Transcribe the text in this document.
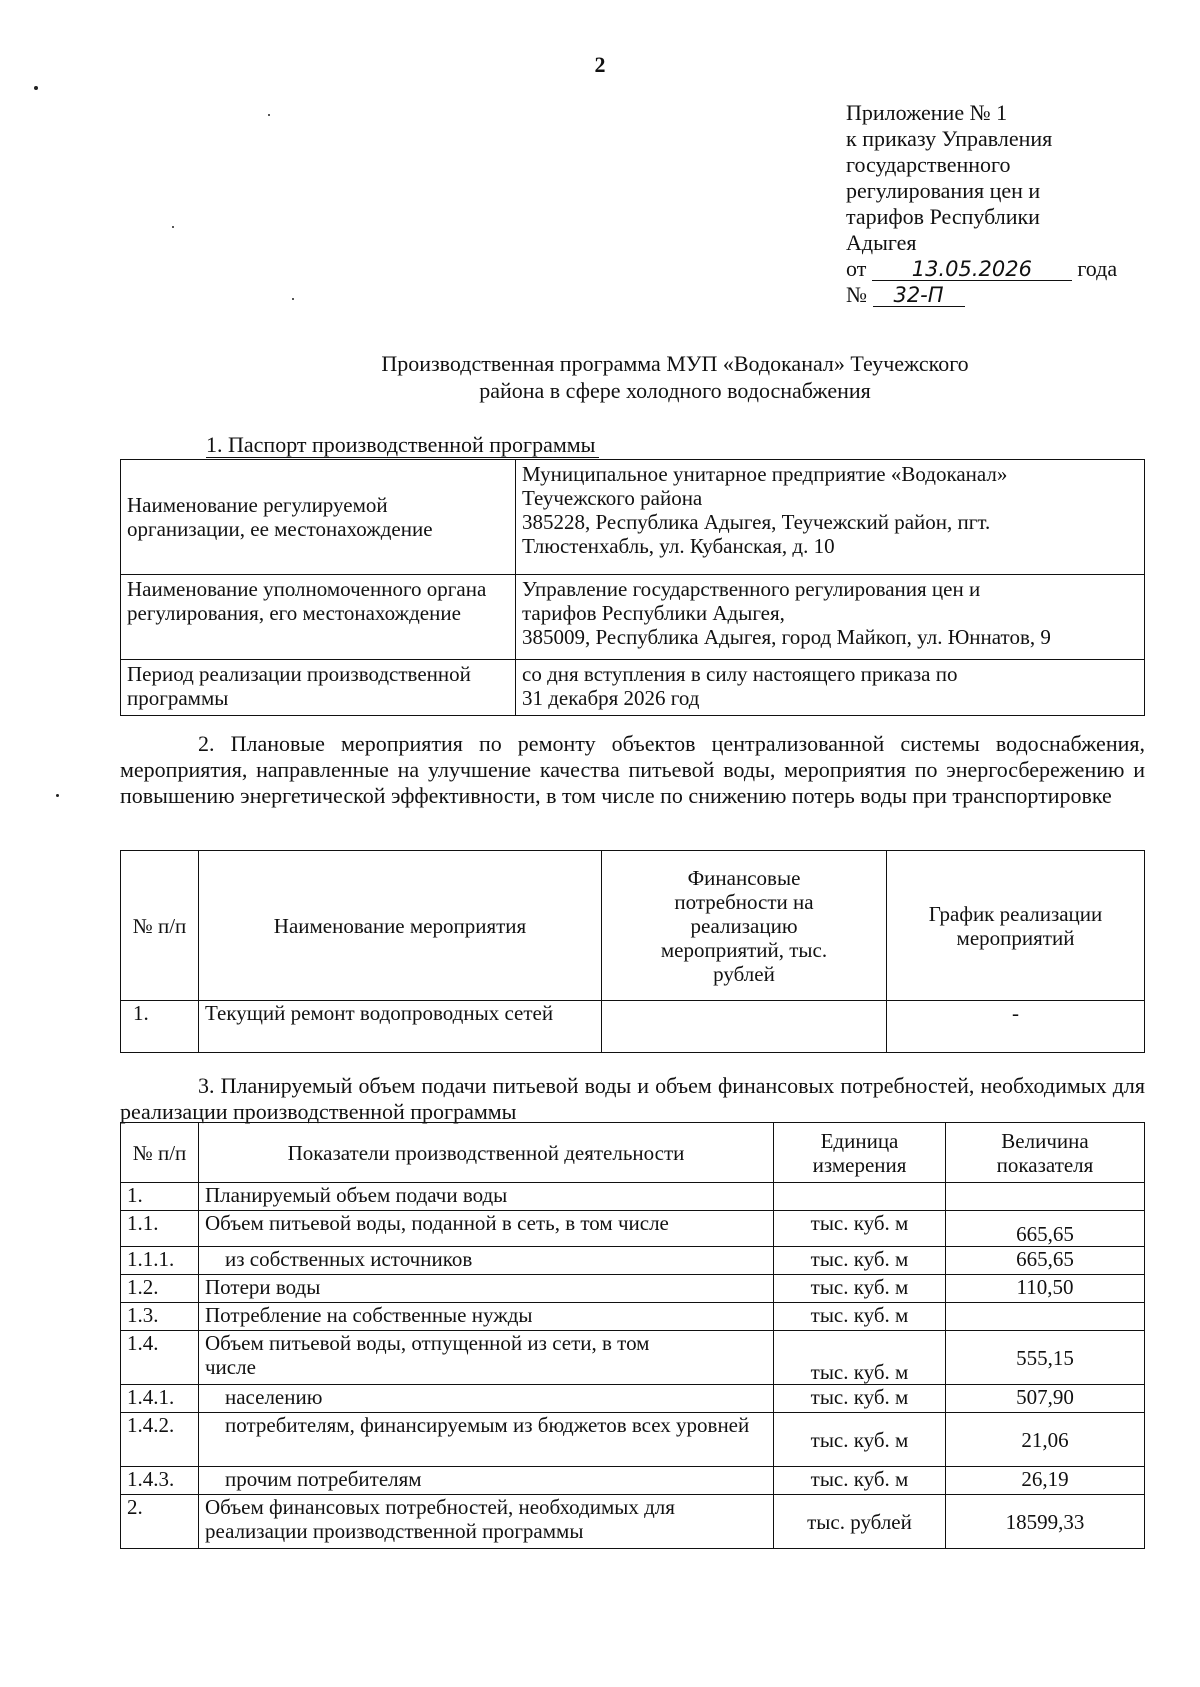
2
Приложение № 1
к приказу Управления
государственного
регулирования цен и
тарифов Республики
Адыгея
от 13.05.2026 года
№ 32-П
Производственная программа МУП «Водоканал» Теучежского
района в сфере холодного водоснабжения
1. Паспорт производственной программы
Наименование регулируемой организации, ее местонахождение	Муниципальное унитарное предприятие «Водоканал»
Теучежского района
385228, Республика Адыгея, Теучежский район, пгт.
Тлюстенхабль, ул. Кубанская, д. 10

Наименование уполномоченного органа регулирования, его местонахождение	Управление государственного регулирования цен и
тарифов Республики Адыгея,
385009, Республика Адыгея, город Майкоп, ул. Юннатов, 9

Период реализации производственной программы	со дня вступления в силу настоящего приказа по
31 декабря 2026 год
2. Плановые мероприятия по ремонту объектов централизованной системы водоснабжения, мероприятия, направленные на улучшение качества питьевой воды, мероприятия по энергосбережению и повышению энергетической эффективности, в том числе по снижению потерь воды при транспортировке
№ п/п	Наименование мероприятия	Финансовые потребности на реализацию мероприятий, тыс. рублей	График реализации мероприятий
1.	Текущий ремонт водопроводных сетей		-
3. Планируемый объем подачи питьевой воды и объем финансовых потребностей, необходимых для реализации производственной программы
№ п/п	Показатели производственной деятельности	Единица измерения	Величина показателя
1.	Планируемый объем подачи воды		
1.1.	Объем питьевой воды, поданной в сеть, в том числе	тыс. куб. м	665,65
1.1.1.	из собственных источников	тыс. куб. м	665,65
1.2.	Потери воды	тыс. куб. м	110,50
1.3.	Потребление на собственные нужды	тыс. куб. м	
1.4.	Объем питьевой воды, отпущенной из сети, в том числе	тыс. куб. м	555,15
1.4.1.	населению	тыс. куб. м	507,90
1.4.2.	потребителям, финансируемым из бюджетов всех уровней	тыс. куб. м	21,06
1.4.3.	прочим потребителям	тыс. куб. м	26,19
2.	Объем финансовых потребностей, необходимых для реализации производственной программы	тыс. рублей	18599,33
